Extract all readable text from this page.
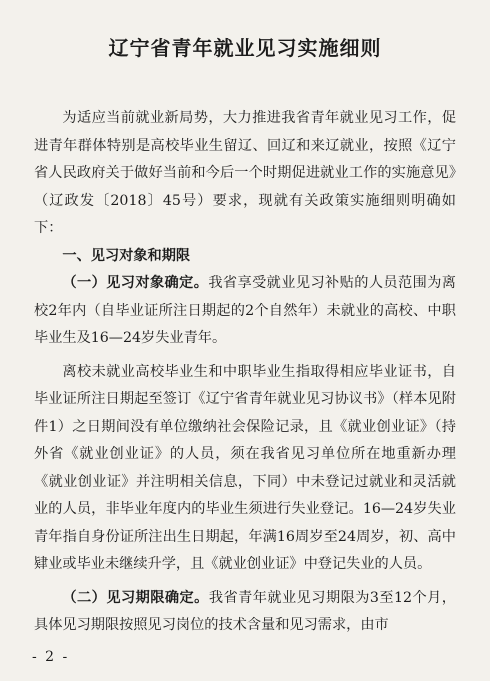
辽宁省青年就业见习实施细则

为适应当前就业新局势，大力推进我省青年就业见习工作，促进青年群体特别是高校毕业生留辽、回辽和来辽就业，按照《辽宁省人民政府关于做好当前和今后一个时期促进就业工作的实施意见》（辽政发〔2018〕45号）要求，现就有关政策实施细则明确如下：

一、见习对象和期限

（一）见习对象确定。我省享受就业见习补贴的人员范围为离校2年内（自毕业证所注日期起的2个自然年）未就业的高校、中职毕业生及16—24岁失业青年。

离校未就业高校毕业生和中职毕业生指取得相应毕业证书，自毕业证所注日期起至签订《辽宁省青年就业见习协议书》（样本见附件1）之日期间没有单位缴纳社会保险记录，且《就业创业证》（持外省《就业创业证》的人员，须在我省见习单位所在地重新办理《就业创业证》并注明相关信息，下同）中未登记过就业和灵活就业的人员，非毕业年度内的毕业生须进行失业登记。16—24岁失业青年指自身份证所注出生日期起，年满16周岁至24周岁，初、高中肄业或毕业未继续升学，且《就业创业证》中登记失业的人员。

（二）见习期限确定。我省青年就业见习期限为3至12个月，具体见习期限按照见习岗位的技术含量和见习需求，由市

- 2 -
